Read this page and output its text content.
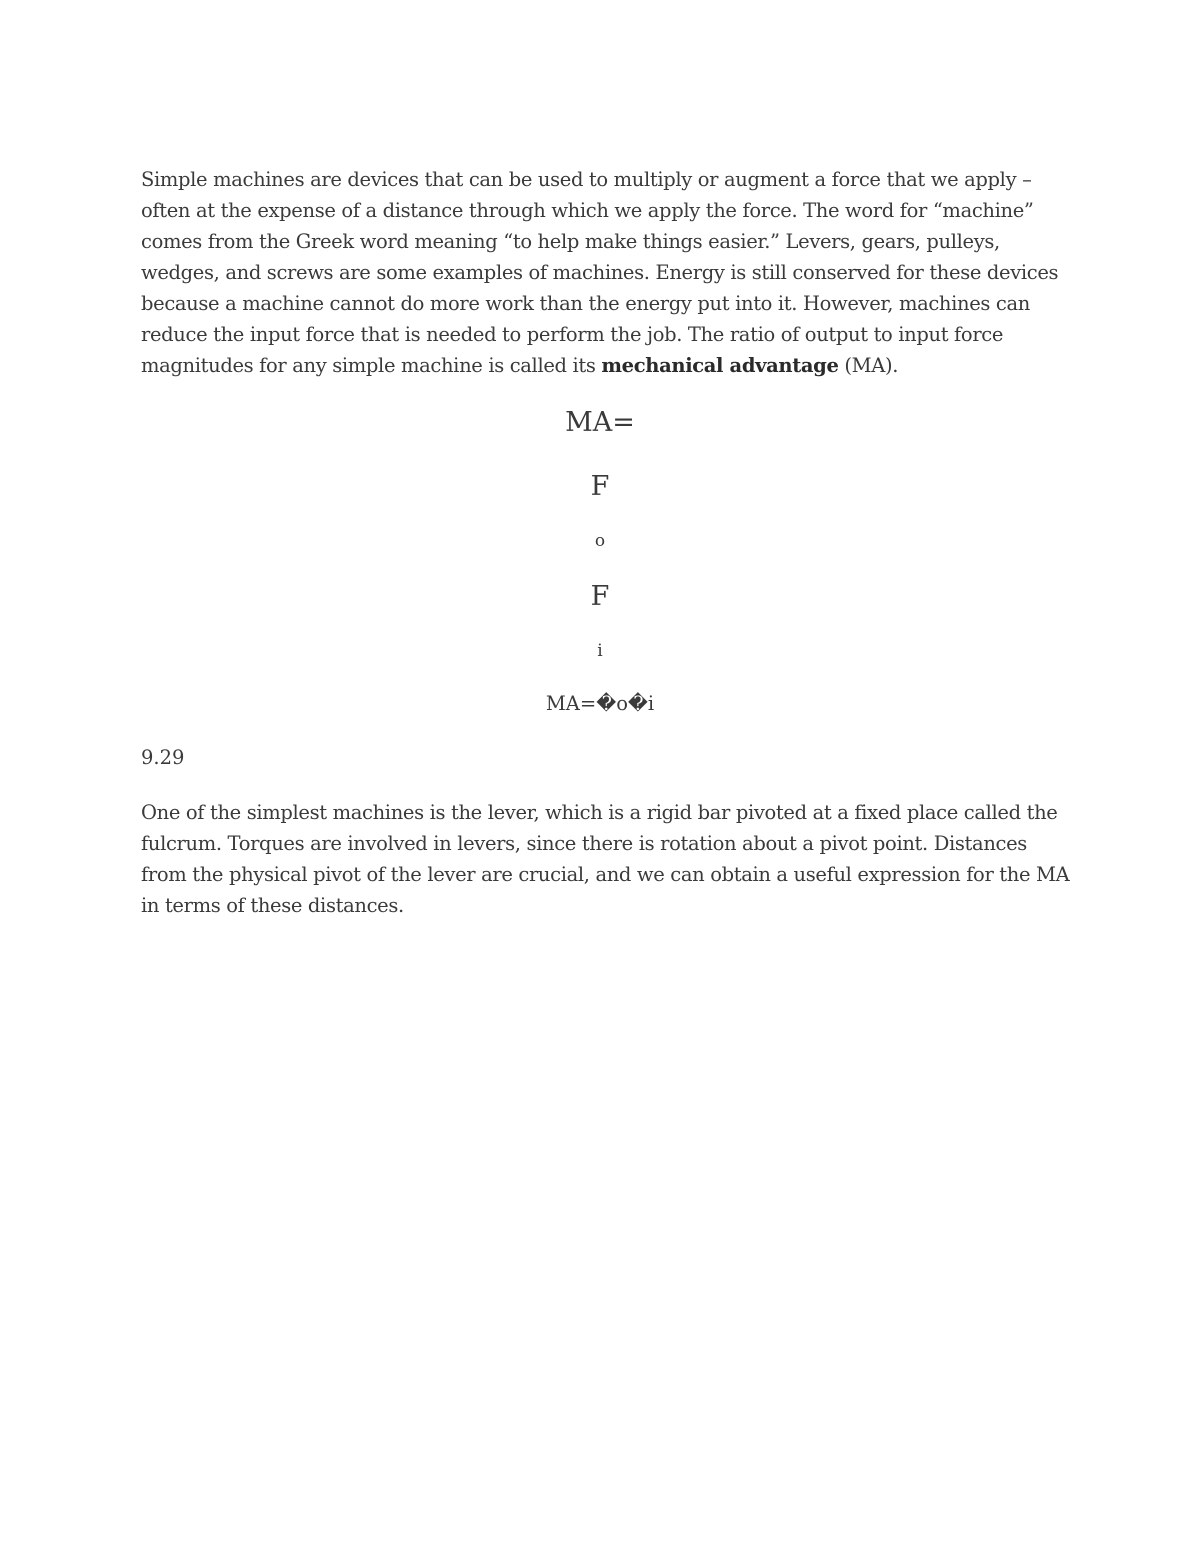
Simple machines are devices that can be used to multiply or augment a force that we apply – often at the expense of a distance through which we apply the force. The word for “machine” comes from the Greek word meaning “to help make things easier.” Levers, gears, pulleys, wedges, and screws are some examples of machines. Energy is still conserved for these devices because a machine cannot do more work than the energy put into it. However, machines can reduce the input force that is needed to perform the job. The ratio of output to input force magnitudes for any simple machine is called its mechanical advantage (MA).

MA=
F
o
F
i
MA=�o�i

9.29

One of the simplest machines is the lever, which is a rigid bar pivoted at a fixed place called the fulcrum. Torques are involved in levers, since there is rotation about a pivot point. Distances from the physical pivot of the lever are crucial, and we can obtain a useful expression for the MA in terms of these distances.
